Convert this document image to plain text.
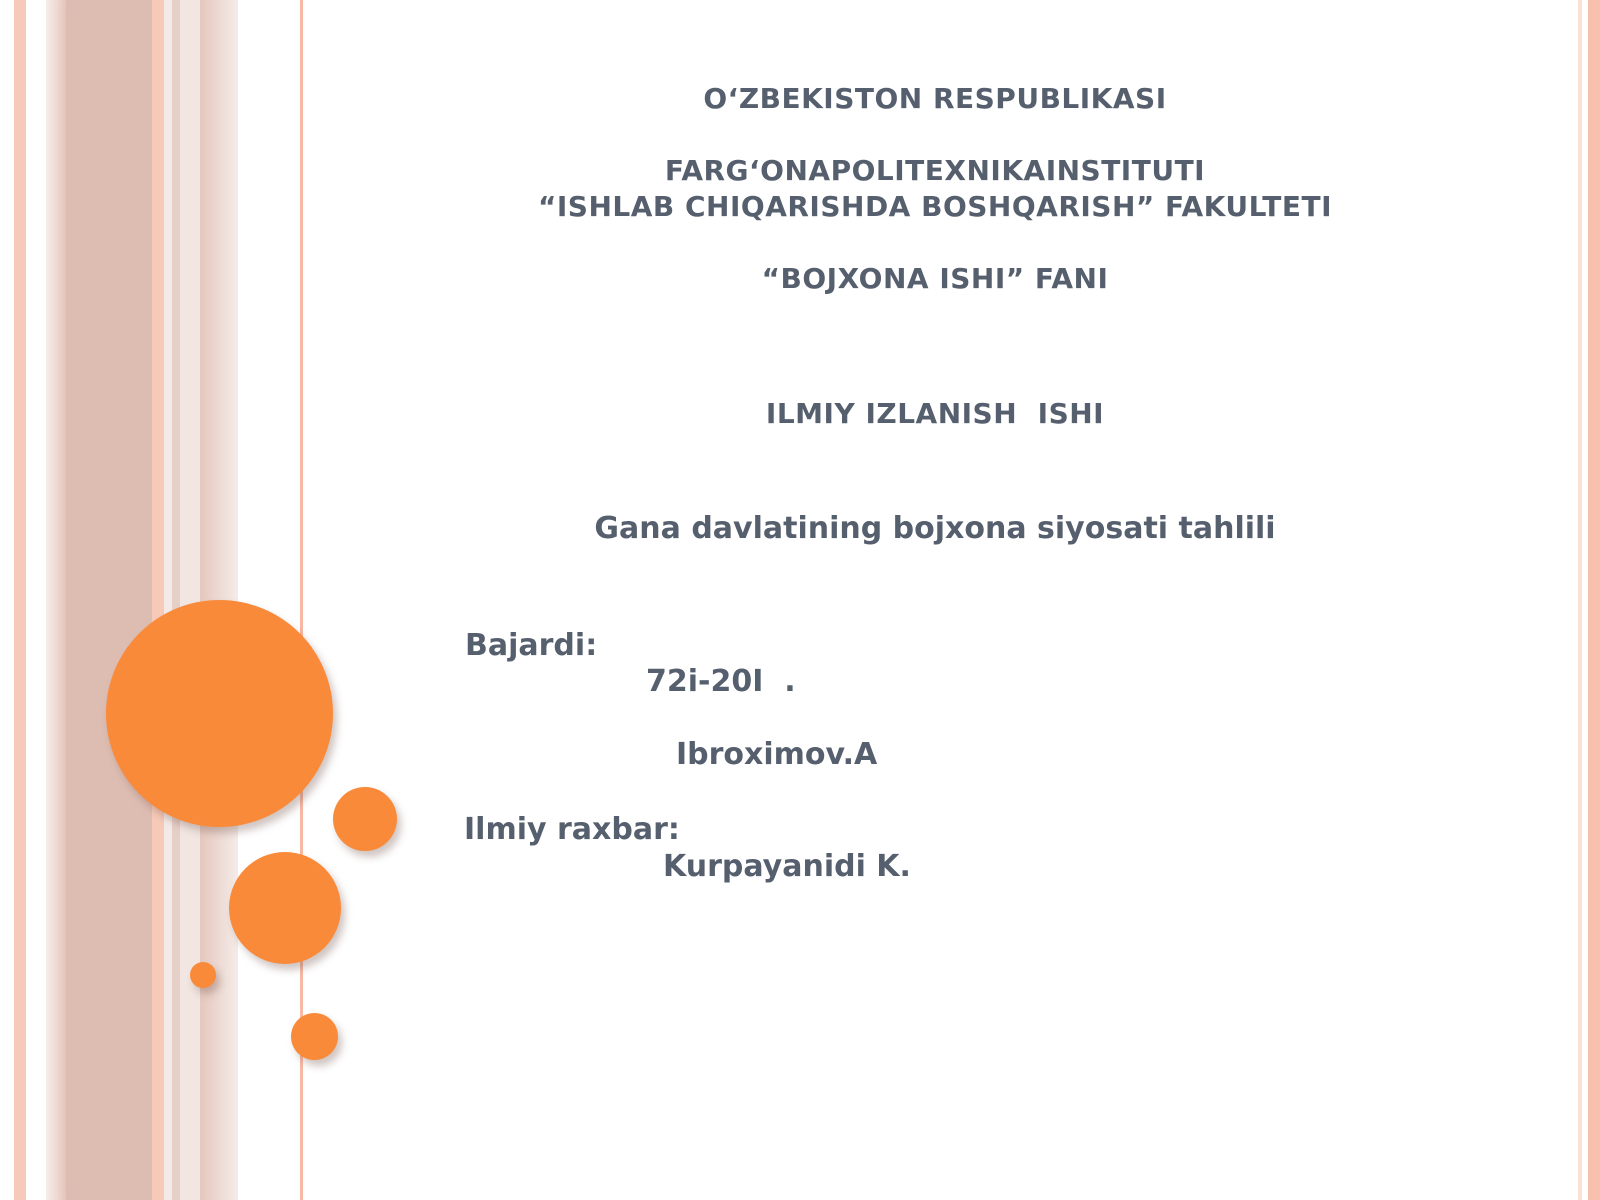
O‘ZBEKISTON RESPUBLIKASI
FARG‘ONAPOLITEXNIKAINSTITUTI
“ISHLAB CHIQARISHDA BOSHQARISH” FAKULTETI
“BOJXONA ISHI” FANI
ILMIY IZLANISH  ISHI
Gana davlatining bojxona siyosati tahlili
Bajardi:
72i-20I  .
Ibroximov.A
Ilmiy raxbar:
Kurpayanidi K.
